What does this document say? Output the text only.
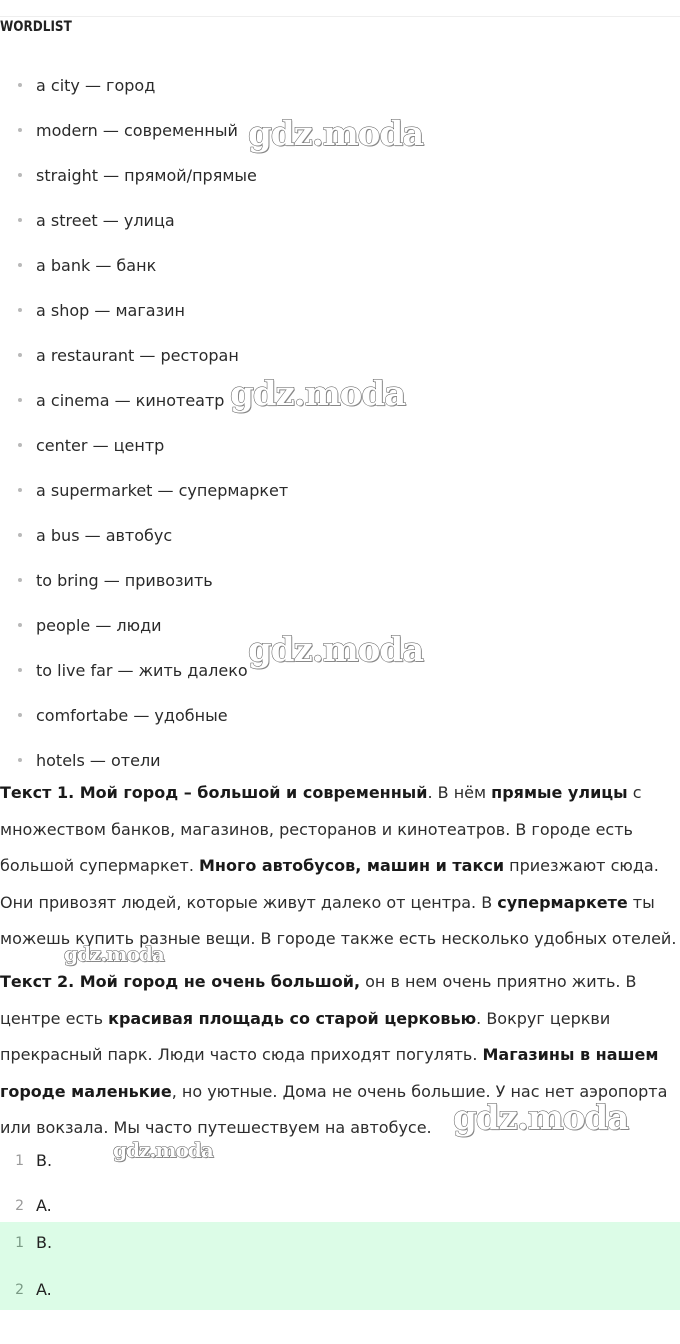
WORDLIST
a city — город
modern — современный
straight — прямой/прямые
a street — улица
a bank — банк
a shop — магазин
a restaurant — ресторан
a cinema — кинотеатр
center — центр
a supermarket — супермаркет
a bus — автобус
to bring — привозить
people — люди
to live far — жить далеко
comfortabe — удобные
hotels — отели

Текст 1. Мой город – большой и современный. В нём прямые улицы с множеством банков, магазинов, ресторанов и кинотеатров. В городе есть большой супермаркет. Много автобусов, машин и такси приезжают сюда. Они привозят людей, которые живут далеко от центра. В супермаркете ты можешь купить разные вещи. В городе также есть несколько удобных отелей.

Текст 2. Мой город не очень большой, он в нем очень приятно жить. В центре есть красивая площадь со старой церковью. Вокруг церкви прекрасный парк. Люди часто сюда приходят погулять. Магазины в нашем городе маленькие, но уютные. Дома не очень большие. У нас нет аэропорта или вокзала. Мы часто путешествуем на автобусе.

1 B.
2 A.
1 B.
2 A.
gdz.moda
gdz.moda
gdz.moda
gdz.moda
gdz.moda
gdz.moda
